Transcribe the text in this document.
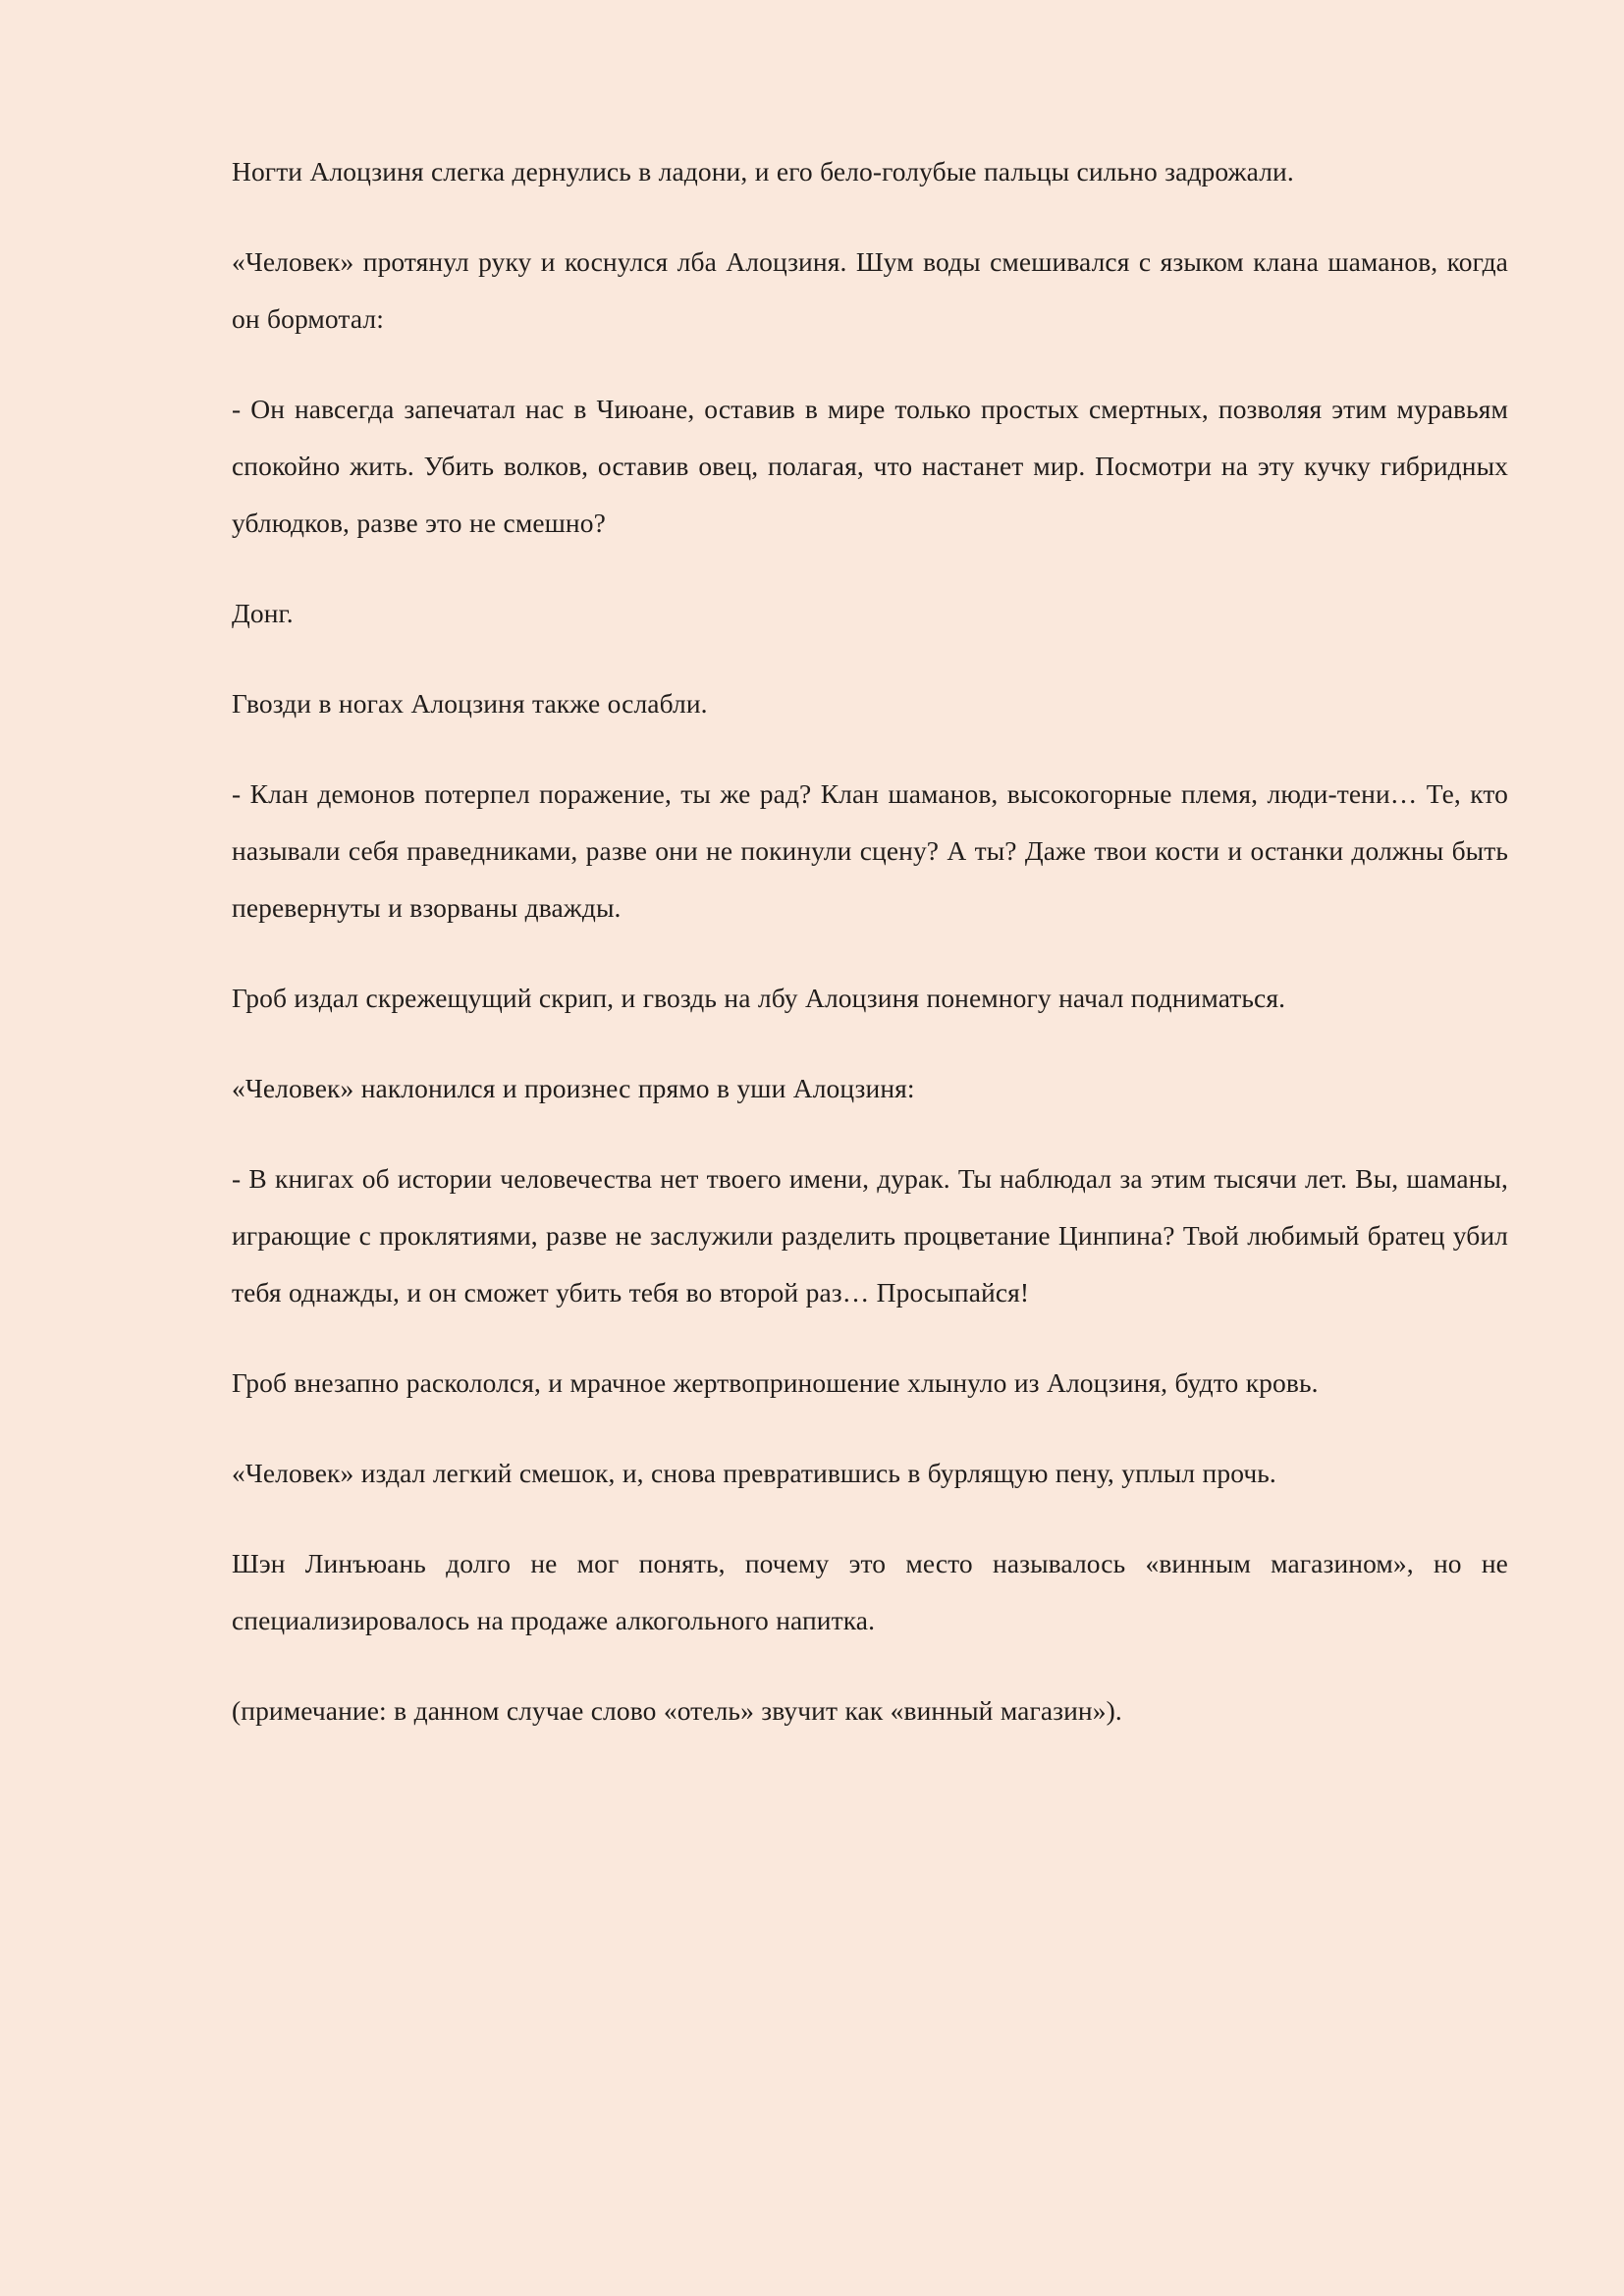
Ногти Алоцзиня слегка дернулись в ладони, и его бело-голубые пальцы сильно задрожали.

«Человек» протянул руку и коснулся лба Алоцзиня. Шум воды смешивался с языком клана шаманов, когда он бормотал:

- Он навсегда запечатал нас в Чиюане, оставив в мире только простых смертных, позволяя этим муравьям спокойно жить. Убить волков, оставив овец, полагая, что настанет мир. Посмотри на эту кучку гибридных ублюдков, разве это не смешно?

Донг.

Гвозди в ногах Алоцзиня также ослабли.

- Клан демонов потерпел поражение, ты же рад? Клан шаманов, высокогорные племя, люди-тени… Те, кто называли себя праведниками, разве они не покинули сцену? А ты? Даже твои кости и останки должны быть перевернуты и взорваны дважды.

Гроб издал скрежещущий скрип, и гвоздь на лбу Алоцзиня понемногу начал подниматься.

«Человек» наклонился и произнес прямо в уши Алоцзиня:

- В книгах об истории человечества нет твоего имени, дурак. Ты наблюдал за этим тысячи лет. Вы, шаманы, играющие с проклятиями, разве не заслужили разделить процветание Цинпина? Твой любимый братец убил тебя однажды, и он сможет убить тебя во второй раз… Просыпайся!

Гроб внезапно раскололся, и мрачное жертвоприношение хлынуло из Алоцзиня, будто кровь.

«Человек» издал легкий смешок, и, снова превратившись в бурлящую пену, уплыл прочь.

Шэн Линъюань долго не мог понять, почему это место называлось «винным магазином», но не специализировалось на продаже алкогольного напитка.

(примечание: в данном случае слово «отель» звучит как «винный магазин»).
